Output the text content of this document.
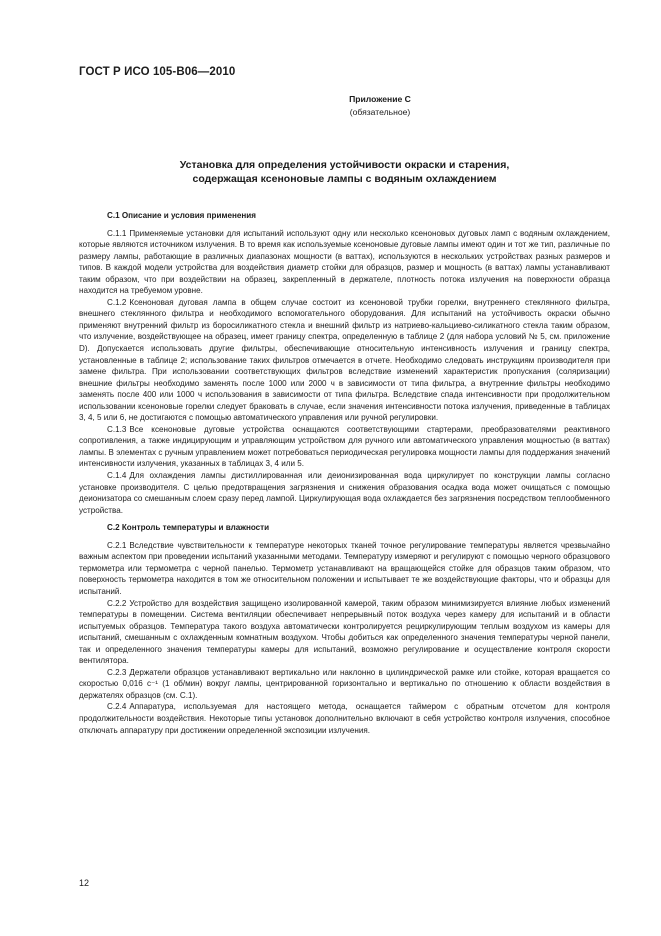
ГОСТ Р ИСО 105-В06—2010
Приложение С
(обязательное)
Установка для определения устойчивости окраски и старения,
содержащая ксеноновые лампы с водяным охлаждением
С.1 Описание и условия применения

С.1.1 Применяемые установки для испытаний используют одну или несколько ксеноновых дуговых ламп с водяным охлаждением, которые являются источником излучения. В то время как используемые ксеноновые дуговые лампы имеют один и тот же тип, различные по размеру лампы, работающие в различных диапазонах мощности (в ваттах), используются в нескольких устройствах разных размеров и типов. В каждой модели устройства для воздействия диаметр стойки для образцов, размер и мощность (в ваттах) лампы устанавливают таким образом, что при воздействии на образец, закрепленный в держателе, плотность потока излучения на поверхности образца находится на требуемом уровне.

С.1.2 Ксеноновая дуговая лампа в общем случае состоит из ксеноновой трубки горелки, внутреннего стеклянного фильтра, внешнего стеклянного фильтра и необходимого вспомогательного оборудования. Для испытаний на устойчивость окраски обычно применяют внутренний фильтр из боросиликатного стекла и внешний фильтр из натриево-кальциево-силикатного стекла таким образом, что излучение, воздействующее на образец, имеет границу спектра, определенную в таблице 2 (для набора условий № 5, см. приложение D). Допускается использовать другие фильтры, обеспечивающие относительную интенсивность излучения и границу спектра, установленные в таблице 2; использование таких фильтров отмечается в отчете. Необходимо следовать инструкциям производителя при замене фильтра. При использовании соответствующих фильтров вследствие изменений характеристик пропускания (соляризации) внешние фильтры необходимо заменять после 1000 или 2000 ч в зависимости от типа фильтра, а внутренние фильтры необходимо заменять после 400 или 1000 ч использования в зависимости от типа фильтра. Вследствие спада интенсивности при продолжительном использовании ксеноновые горелки следует браковать в случае, если значения интенсивности потока излучения, приведенные в таблицах 3, 4, 5 или 6, не достигаются с помощью автоматического управления или ручной регулировки.

С.1.3 Все ксеноновые дуговые устройства оснащаются соответствующими стартерами, преобразователями реактивного сопротивления, а также индицирующим и управляющим устройством для ручного или автоматического управления мощностью (в ваттах) лампы. В элементах с ручным управлением может потребоваться периодическая регулировка мощности лампы для поддержания значений интенсивности излучения, указанных в таблицах 3, 4 или 5.

С.1.4 Для охлаждения лампы дистиллированная или деионизированная вода циркулирует по конструкции лампы согласно установке производителя. С целью предотвращения загрязнения и снижения образования осадка вода может очищаться с помощью деионизатора со смешанным слоем сразу перед лампой. Циркулирующая вода охлаждается без загрязнения посредством теплообменного устройства.

С.2 Контроль температуры и влажности

С.2.1 Вследствие чувствительности к температуре некоторых тканей точное регулирование температуры является чрезвычайно важным аспектом при проведении испытаний указанными методами. Температуру измеряют и регулируют с помощью черного образцового термометра или термометра с черной панелью. Термометр устанавливают на вращающейся стойке для образцов таким образом, что поверхность термометра находится в том же относительном положении и испытывает те же воздействующие факторы, что и образцы для испытаний.

С.2.2 Устройство для воздействия защищено изолированной камерой, таким образом минимизируется влияние любых изменений температуры в помещении. Система вентиляции обеспечивает непрерывный поток воздуха через камеру для испытаний и в области испытуемых образцов. Температура такого воздуха автоматически контролируется рециркулирующим теплым воздухом из камеры для испытаний, смешанным с охлажденным комнатным воздухом. Чтобы добиться как определенного значения температуры черной панели, так и определенного значения температуры камеры для испытаний, возможно регулирование и осуществление контроля скорости вентилятора.

С.2.3 Держатели образцов устанавливают вертикально или наклонно в цилиндрической рамке или стойке, которая вращается со скоростью 0,016 с⁻¹ (1 об/мин) вокруг лампы, центрированной горизонтально и вертикально по отношению к области воздействия в держателях образцов (см. С.1).

С.2.4 Аппаратура, используемая для настоящего метода, оснащается таймером с обратным отсчетом для контроля продолжительности воздействия. Некоторые типы установок дополнительно включают в себя устройство контроля излучения, способное отключать аппаратуру при достижении определенной экспозиции излучения.

12
